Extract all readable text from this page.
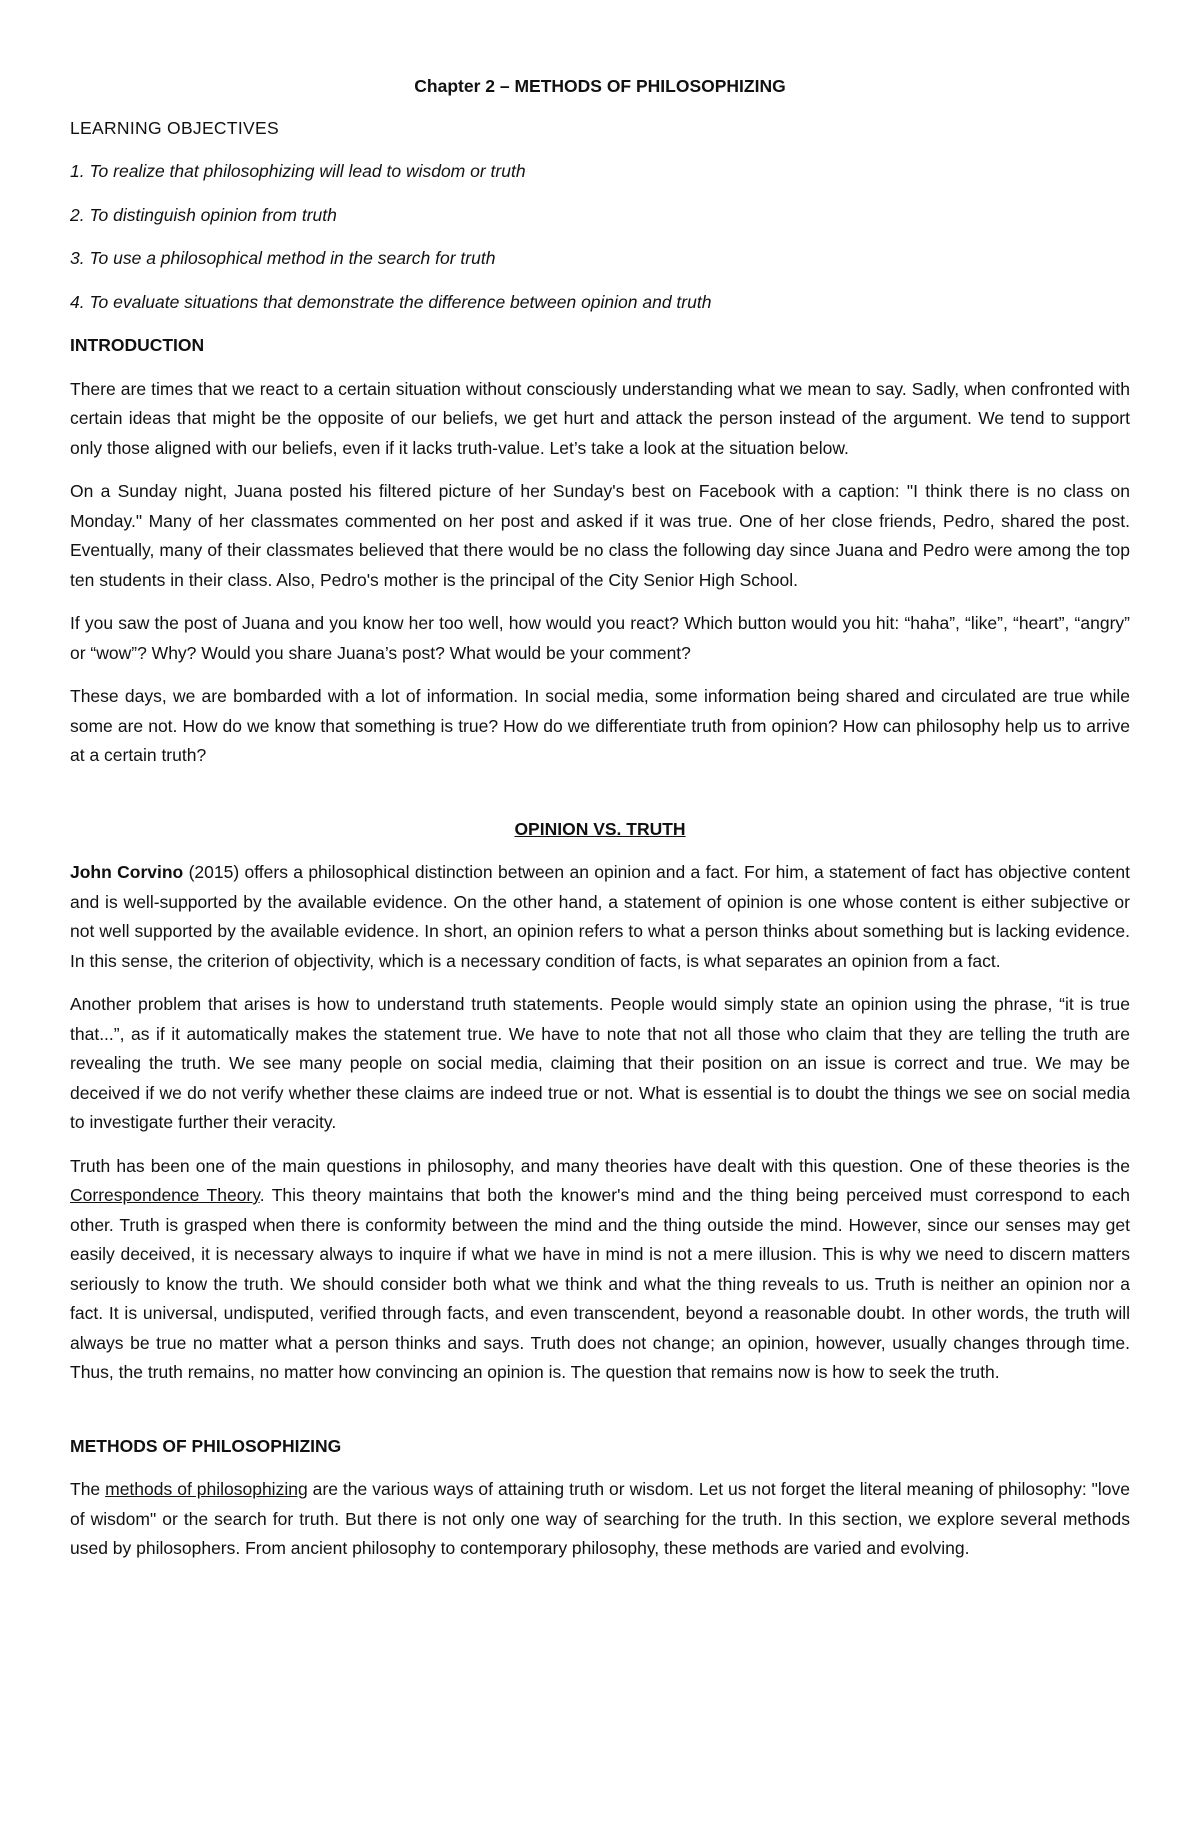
Chapter 2 – METHODS OF PHILOSOPHIZING
LEARNING OBJECTIVES
1. To realize that philosophizing will lead to wisdom or truth
2. To distinguish opinion from truth
3. To use a philosophical method in the search for truth
4. To evaluate situations that demonstrate the difference between opinion and truth
INTRODUCTION

There are times that we react to a certain situation without consciously understanding what we mean to say. Sadly, when confronted with certain ideas that might be the opposite of our beliefs, we get hurt and attack the person instead of the argument. We tend to support only those aligned with our beliefs, even if it lacks truth-value. Let’s take a look at the situation below.

On a Sunday night, Juana posted his filtered picture of her Sunday's best on Facebook with a caption: "I think there is no class on Monday." Many of her classmates commented on her post and asked if it was true. One of her close friends, Pedro, shared the post. Eventually, many of their classmates believed that there would be no class the following day since Juana and Pedro were among the top ten students in their class. Also, Pedro's mother is the principal of the City Senior High School.

If you saw the post of Juana and you know her too well, how would you react? Which button would you hit: “haha”, “like”, “heart”, “angry” or “wow”? Why? Would you share Juana’s post? What would be your comment?

These days, we are bombarded with a lot of information. In social media, some information being shared and circulated are true while some are not. How do we know that something is true? How do we differentiate truth from opinion? How can philosophy help us to arrive at a certain truth?

OPINION VS. TRUTH

John Corvino (2015) offers a philosophical distinction between an opinion and a fact. For him, a statement of fact has objective content and is well-supported by the available evidence. On the other hand, a statement of opinion is one whose content is either subjective or not well supported by the available evidence. In short, an opinion refers to what a person thinks about something but is lacking evidence. In this sense, the criterion of objectivity, which is a necessary condition of facts, is what separates an opinion from a fact.

Another problem that arises is how to understand truth statements. People would simply state an opinion using the phrase, “it is true that...”, as if it automatically makes the statement true. We have to note that not all those who claim that they are telling the truth are revealing the truth. We see many people on social media, claiming that their position on an issue is correct and true. We may be deceived if we do not verify whether these claims are indeed true or not. What is essential is to doubt the things we see on social media to investigate further their veracity.

Truth has been one of the main questions in philosophy, and many theories have dealt with this question. One of these theories is the Correspondence Theory. This theory maintains that both the knower's mind and the thing being perceived must correspond to each other. Truth is grasped when there is conformity between the mind and the thing outside the mind. However, since our senses may get easily deceived, it is necessary always to inquire if what we have in mind is not a mere illusion. This is why we need to discern matters seriously to know the truth. We should consider both what we think and what the thing reveals to us. Truth is neither an opinion nor a fact. It is universal, undisputed, verified through facts, and even transcendent, beyond a reasonable doubt. In other words, the truth will always be true no matter what a person thinks and says. Truth does not change; an opinion, however, usually changes through time. Thus, the truth remains, no matter how convincing an opinion is. The question that remains now is how to seek the truth.

METHODS OF PHILOSOPHIZING

The methods of philosophizing are the various ways of attaining truth or wisdom. Let us not forget the literal meaning of philosophy: "love of wisdom" or the search for truth. But there is not only one way of searching for the truth. In this section, we explore several methods used by philosophers. From ancient philosophy to contemporary philosophy, these methods are varied and evolving.
